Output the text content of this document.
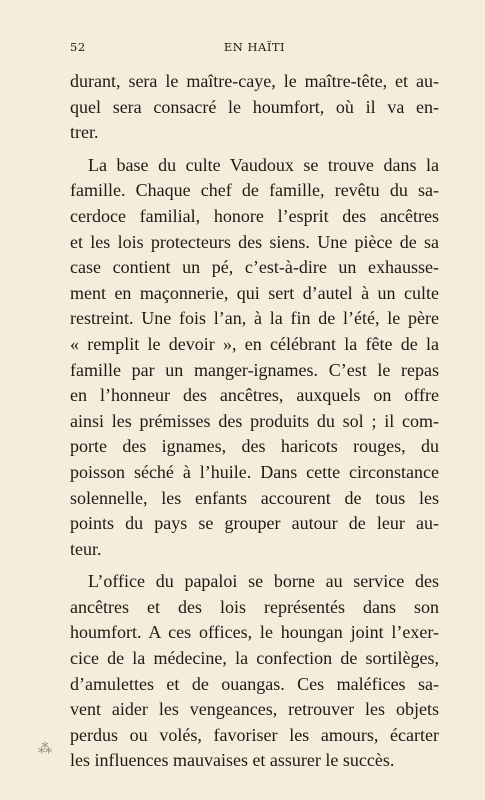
52	EN HAÏTI
durant, sera le maître-caye, le maître-tête, et au-
quel sera consacré le houmfort, où il va en-
trer.
La base du culte Vaudoux se trouve dans la
famille. Chaque chef de famille, revêtu du sa-
cerdoce familial, honore l’esprit des ancêtres
et les lois protecteurs des siens. Une pièce de sa
case contient un pé, c’est-à-dire un exhausse-
ment en maçonnerie, qui sert d’autel à un culte
restreint. Une fois l’an, à la fin de l’été, le père
« remplit le devoir », en célébrant la fête de la
famille par un manger-ignames. C’est le repas
en l’honneur des ancêtres, auxquels on offre
ainsi les prémisses des produits du sol ; il com-
porte des ignames, des haricots rouges, du
poisson séché à l’huile. Dans cette circonstance
solennelle, les enfants accourent de tous les
points du pays se grouper autour de leur au-
teur.
L’office du papaloi se borne au service des
ancêtres et des lois représentés dans son
houmfort. A ces offices, le houngan joint l’exer-
cice de la médecine, la confection de sortilèges,
d’amulettes et de ouangas. Ces maléfices sa-
vent aider les vengeances, retrouver les objets
perdus ou volés, favoriser les amours, écarter
les influences mauvaises et assurer le succès.
⁂
